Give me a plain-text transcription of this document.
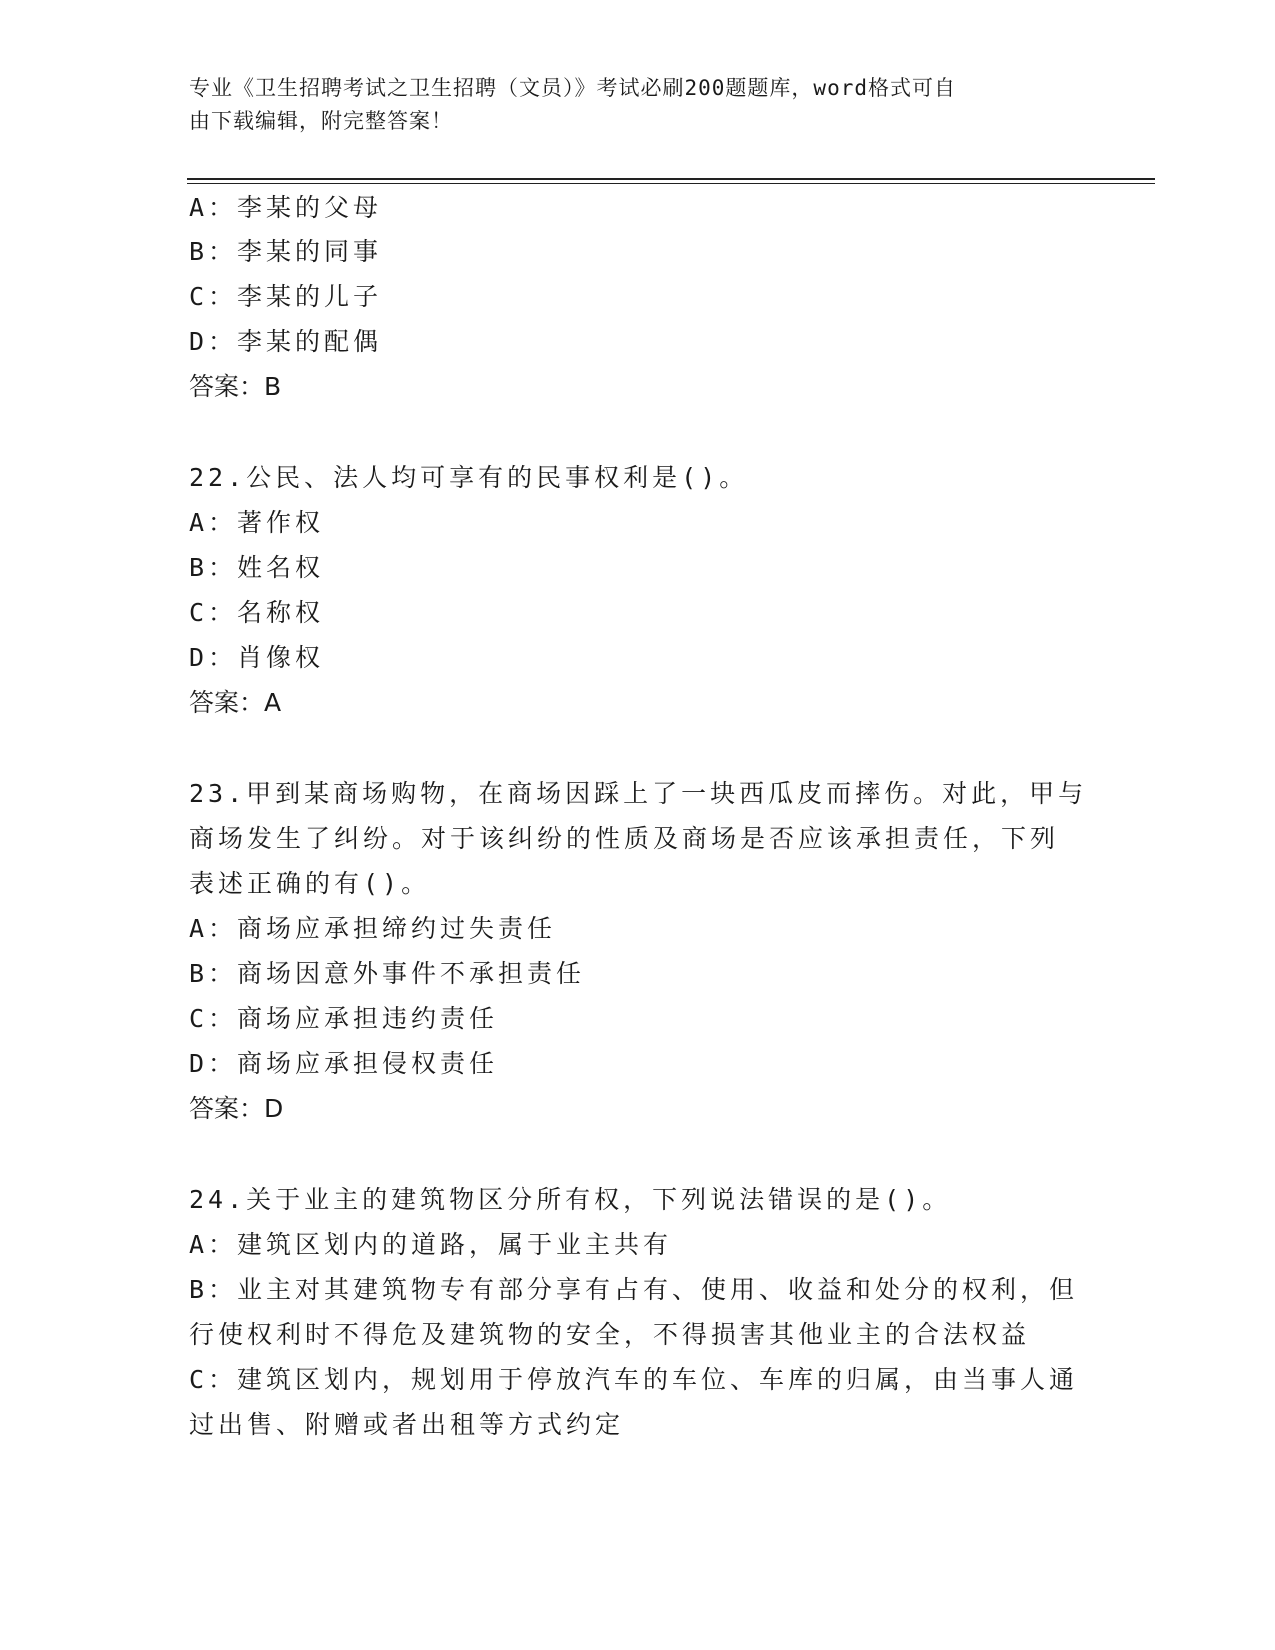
专业《卫生招聘考试之卫生招聘（文员）》考试必刷200题题库，word格式可自
由下载编辑，附完整答案！
A：李某的父母
B：李某的同事
C：李某的儿子
D：李某的配偶
答案：B
22.公民、法人均可享有的民事权利是()。
A：著作权
B：姓名权
C：名称权
D：肖像权
答案：A
23.甲到某商场购物，在商场因踩上了一块西瓜皮而摔伤。对此，甲与
商场发生了纠纷。对于该纠纷的性质及商场是否应该承担责任，下列
表述正确的有()。
A：商场应承担缔约过失责任
B：商场因意外事件不承担责任
C：商场应承担违约责任
D：商场应承担侵权责任
答案：D
24.关于业主的建筑物区分所有权，下列说法错误的是()。
A：建筑区划内的道路，属于业主共有
B：业主对其建筑物专有部分享有占有、使用、收益和处分的权利，但
行使权利时不得危及建筑物的安全，不得损害其他业主的合法权益
C：建筑区划内，规划用于停放汽车的车位、车库的归属，由当事人通
过出售、附赠或者出租等方式约定
